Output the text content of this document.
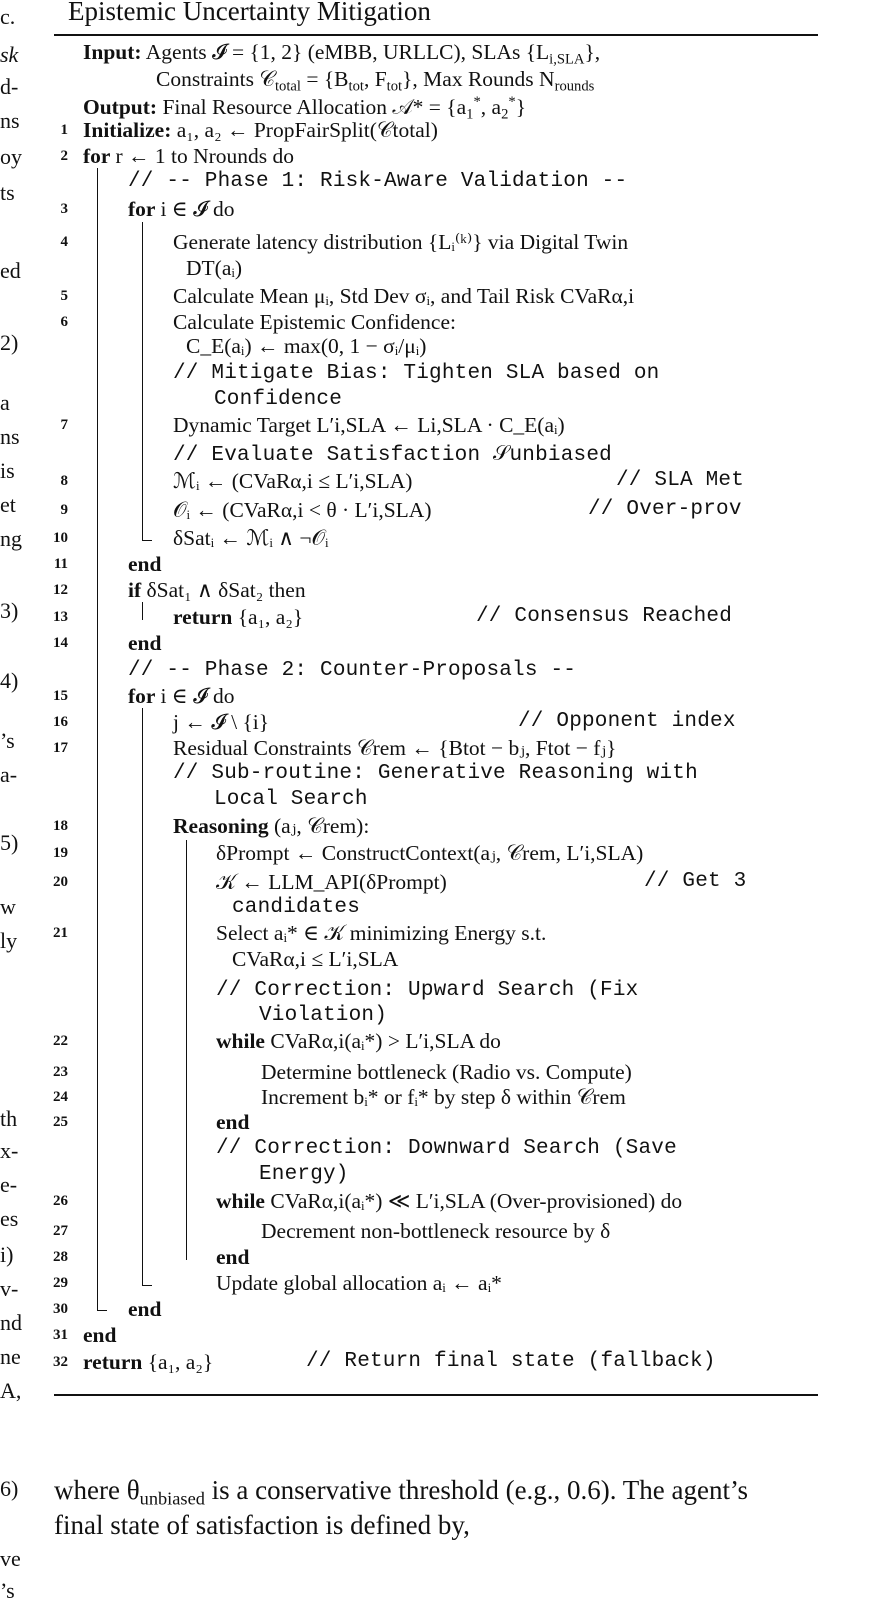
c.
sk
d-
ns
oy
ts
ed
2)
a
ns
is
et
ng
3)
4)
’s
a-
5)
w
ly
th
x-
e-
es
i)
v-
nd
ne
A,
6)
ve
’s
Epistemic Uncertainty Mitigation
Input: Agents 𝓘 = {1, 2} (eMBB, URLLC), SLAs $\{L_{i,SLA}\}$,
Constraints 𝒞$_{total}$ = {$B_{tot}$, $F_{tot}$}, Max Rounds $N_{rounds}$
Output: Final Resource Allocation 𝒜* = {$a_1^*$, $a_2^*$}
1 Initialize: a₁, a₂ ← PropFairSplit(𝒞total)
2 for r ← 1 to Nrounds do
// -- Phase 1: Risk-Aware Validation --
3	for i ∈ 𝓘 do
4	Generate latency distribution {Lᵢ⁽ᵏ⁾} via Digital Twin
DT(aᵢ)
5	Calculate Mean μᵢ, Std Dev σᵢ, and Tail Risk CVaRα,i
6	Calculate Epistemic Confidence:
C_E(aᵢ) ← max(0, 1 − σᵢ/μᵢ)
// Mitigate Bias: Tighten SLA based on
Confidence
7	Dynamic Target L′i,SLA ← Li,SLA · C_E(aᵢ)
// Evaluate Satisfaction 𝒮unbiased
8	ℳᵢ ← (CVaRα,i ≤ L′i,SLA)	// SLA Met
9	𝒪ᵢ ← (CVaRα,i < θ · L′i,SLA)	// Over-prov
10	δSatᵢ ← ℳᵢ ∧ ¬𝒪ᵢ
11	end
12	if δSat₁ ∧ δSat₂ then
13	return {a₁, a₂}	// Consensus Reached
14	end
// -- Phase 2: Counter-Proposals --
15	for i ∈ 𝓘 do
16	j ← 𝓘 \ {i}	// Opponent index
17	Residual Constraints 𝒞rem ← {Btot − bⱼ, Ftot − fⱼ}
// Sub-routine: Generative Reasoning with
Local Search
18	Reasoning (aⱼ, 𝒞rem):
19	δPrompt ← ConstructContext(aⱼ, 𝒞rem, L′i,SLA)
20	𝒦 ← LLM_API(δPrompt)	// Get 3
candidates
21	Select aᵢ* ∈ 𝒦 minimizing Energy s.t.
CVaRα,i ≤ L′i,SLA
// Correction: Upward Search (Fix
Violation)
22	while CVaRα,i(aᵢ*) > L′i,SLA do
23	Determine bottleneck (Radio vs. Compute)
24	Increment bᵢ* or fᵢ* by step δ within 𝒞rem
25	end
// Correction: Downward Search (Save
Energy)
26	while CVaRα,i(aᵢ*) ≪ L′i,SLA (Over-provisioned) do
27	Decrement non-bottleneck resource by δ
28	end
29	Update global allocation aᵢ ← aᵢ*
30	end
31 end
32 return {a₁, a₂}	// Return final state (fallback)
where $\theta_{unbiased}$ is a conservative threshold (e.g., 0.6). The agent’s
final state of satisfaction is defined by,
